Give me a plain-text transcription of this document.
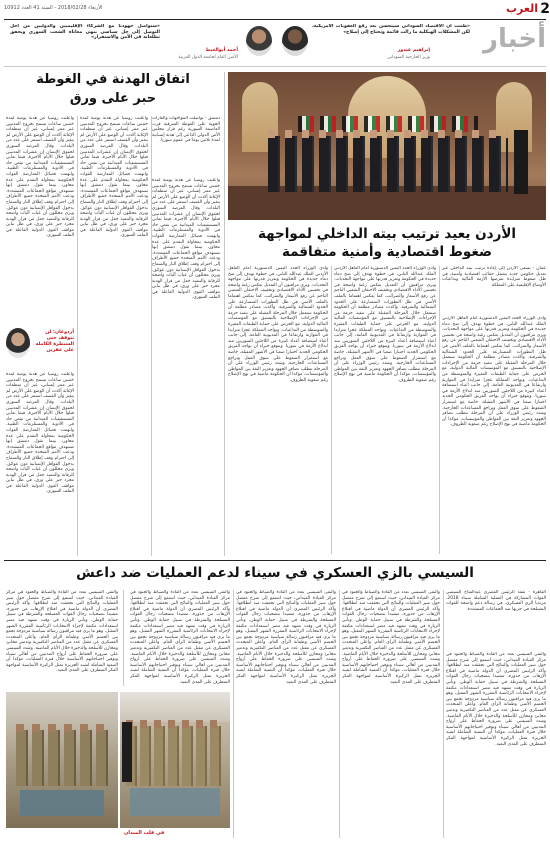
2
العرب
الأربعاء 2018/02/28 - السنة 41 العدد 10912
أخبار
«ظننت أن الاقتصاد السوداني سيتحسن بعد رفع العقوبات الأمريكية، لكن المشكلات الهيكلية ما زالت قائمة وتحتاج إلى إصلاح»
إبراهيم غندور
وزير الخارجية السوداني
«سنواصل جهودنا مع الشركاء الإقليميين والدوليين من أجل التوصل إلى حل سياسي ينهي معاناة الشعب السوري ويحقق تطلعاته في الأمن والاستقرار»
أحمد أبوالغيط
الأمين العام لجامعة الدول العربية
الأردن يعيد ترتيب بيته الداخلي لمواجهة
ضغوط اقتصادية وأمنية متفاقمة
عمان - يسعى الأردن إلى إعادة ترتيب بيته الداخلي عبر تعديل حكومي جديد يشمل حقائب اقتصادية وأمنية، في ظل ضغوط متزايدة تفرضها الأزمة المالية وتداعيات الأوضاع الإقليمية على المملكة.
وأدى الوزراء الجدد اليمين الدستورية أمام العاهل الأردني الملك عبدالله الثاني، في خطوة تهدف إلى ضخ دماء جديدة في الحكومة وتعزيز قدرتها على مواجهة التحديات. ويرى مراقبون أن التعديل يعكس رغبة واضحة في تحسين الأداء الاقتصادي وتخفيف الاحتقان الشعبي الناجم عن رفع الأسعار والضرائب، كما يعكس اهتماما بالملف الأمني في ظل التطورات المتسارعة على الحدود الشمالية والشرقية. وأكدت مصادر مطلعة أن الحكومة ستعمل خلال المرحلة المقبلة على تنفيذ حزمة من الإجراءات الإصلاحية بالتنسيق مع المؤسسات المالية الدولية، مع الحرص على حماية الطبقات الفقيرة والمتوسطة من التداعيات. وتواجه المملكة عجزا متزايدا في الموازنة وارتفاعا في المديونية العامة، إلى جانب أعباء استضافة أعداد كبيرة من اللاجئين السوريين منذ اندلاع الأزمة في سوريا. ويتوقع خبراء أن يواجه الفريق الحكومي الجديد اختبارا صعبا في الأشهر المقبلة، خاصة مع استمرار الضغوط على سوق العمل وتراجع المساعدات الخارجية. وشدد رئيس الوزراء على أن المرحلة تتطلب تضافر الجهود وتعزيز الثقة بين المواطن والمؤسسات، مؤكدا أن الحكومة ماضية في نهج الإصلاح رغم صعوبة الظروف.
وأدى الوزراء الجدد اليمين الدستورية أمام العاهل الأردني الملك عبدالله الثاني، في خطوة تهدف إلى ضخ دماء جديدة في الحكومة وتعزيز قدرتها على مواجهة التحديات. ويرى مراقبون أن التعديل يعكس رغبة واضحة في تحسين الأداء الاقتصادي وتخفيف الاحتقان الشعبي الناجم عن رفع الأسعار والضرائب، كما يعكس اهتماما بالملف الأمني في ظل التطورات المتسارعة على الحدود الشمالية والشرقية. وأكدت مصادر مطلعة أن الحكومة ستعمل خلال المرحلة المقبلة على تنفيذ حزمة من الإجراءات الإصلاحية بالتنسيق مع المؤسسات المالية الدولية، مع الحرص على حماية الطبقات الفقيرة والمتوسطة من التداعيات. وتواجه المملكة عجزا متزايدا في الموازنة وارتفاعا في المديونية العامة، إلى جانب أعباء استضافة أعداد كبيرة من اللاجئين السوريين منذ اندلاع الأزمة في سوريا. ويتوقع خبراء أن يواجه الفريق الحكومي الجديد اختبارا صعبا في الأشهر المقبلة، خاصة مع استمرار الضغوط على سوق العمل وتراجع المساعدات الخارجية. وشدد رئيس الوزراء على أن المرحلة تتطلب تضافر الجهود وتعزيز الثقة بين المواطن والمؤسسات، مؤكدا أن الحكومة ماضية في نهج الإصلاح رغم صعوبة الظروف.
وأدى الوزراء الجدد اليمين الدستورية أمام العاهل الأردني الملك عبدالله الثاني، في خطوة تهدف إلى ضخ دماء جديدة في الحكومة وتعزيز قدرتها على مواجهة التحديات. ويرى مراقبون أن التعديل يعكس رغبة واضحة في تحسين الأداء الاقتصادي وتخفيف الاحتقان الشعبي الناجم عن رفع الأسعار والضرائب، كما يعكس اهتماما بالملف الأمني في ظل التطورات المتسارعة على الحدود الشمالية والشرقية. وأكدت مصادر مطلعة أن الحكومة ستعمل خلال المرحلة المقبلة على تنفيذ حزمة من الإجراءات الإصلاحية بالتنسيق مع المؤسسات المالية الدولية، مع الحرص على حماية الطبقات الفقيرة والمتوسطة من التداعيات. وتواجه المملكة عجزا متزايدا في الموازنة وارتفاعا في المديونية العامة، إلى جانب أعباء استضافة أعداد كبيرة من اللاجئين السوريين منذ اندلاع الأزمة في سوريا. ويتوقع خبراء أن يواجه الفريق الحكومي الجديد اختبارا صعبا في الأشهر المقبلة، خاصة مع استمرار الضغوط على سوق العمل وتراجع المساعدات الخارجية. وشدد رئيس الوزراء على أن المرحلة تتطلب تضافر الجهود وتعزيز الثقة بين المواطن والمؤسسات، مؤكدا أن الحكومة ماضية في نهج الإصلاح رغم صعوبة الظروف.
اتفاق الهدنة في الغوطة
حبر على ورق
دمشق - تواصلت المواجهات والغارات الجوية على الغوطة الشرقية قرب العاصمة السورية رغم قرار مجلس الأمن الدولي الداعي إلى هدنة إنسانية لمدة ثلاثين يوما في عموم سوريا.
وأعلنت روسيا عن هدنة يومية لمدة خمس ساعات تسمح بخروج المدنيين عبر ممر إنساني، غير أن منظمات الإغاثة أكدت أن الوضع على الأرض لم يتغير وأن القصف استمر على عدد من البلدات. وقال المرصد السوري لحقوق الإنسان إن عشرات المدنيين قتلوا خلال الأيام الأخيرة، فيما تعاني المستشفيات الميدانية من نقص حاد في الأدوية والمستلزمات الطبية. واتهمت فصائل المعارضة القوات الحكومية بمحاولة التقدم على عدة محاور، بينما تقول دمشق إنها تستهدف مواقع الجماعات المتشددة. ودعت الأمم المتحدة جميع الأطراف إلى احترام وقف إطلاق النار والسماح بدخول القوافل الإنسانية دون عوائق. ويرى محللون أن غياب آليات واضحة للرقابة والتنفيذ جعل من قرار الهدنة مجرد حبر على ورق، في ظل تباين مواقف القوى الدولية الفاعلة في الملف السوري.
وأعلنت روسيا عن هدنة يومية لمدة خمس ساعات تسمح بخروج المدنيين عبر ممر إنساني، غير أن منظمات الإغاثة أكدت أن الوضع على الأرض لم يتغير وأن القصف استمر على عدد من البلدات. وقال المرصد السوري لحقوق الإنسان إن عشرات المدنيين قتلوا خلال الأيام الأخيرة، فيما تعاني المستشفيات الميدانية من نقص حاد في الأدوية والمستلزمات الطبية. واتهمت فصائل المعارضة القوات الحكومية بمحاولة التقدم على عدة محاور، بينما تقول دمشق إنها تستهدف مواقع الجماعات المتشددة. ودعت الأمم المتحدة جميع الأطراف إلى احترام وقف إطلاق النار والسماح بدخول القوافل الإنسانية دون عوائق. ويرى محللون أن غياب آليات واضحة للرقابة والتنفيذ جعل من قرار الهدنة مجرد حبر على ورق، في ظل تباين مواقف القوى الدولية الفاعلة في الملف السوري.
وأعلنت روسيا عن هدنة يومية لمدة خمس ساعات تسمح بخروج المدنيين عبر ممر إنساني، غير أن منظمات الإغاثة أكدت أن الوضع على الأرض لم يتغير وأن القصف استمر على عدد من البلدات. وقال المرصد السوري لحقوق الإنسان إن عشرات المدنيين قتلوا خلال الأيام الأخيرة، فيما تعاني المستشفيات الميدانية من نقص حاد في الأدوية والمستلزمات الطبية. واتهمت فصائل المعارضة القوات الحكومية بمحاولة التقدم على عدة محاور، بينما تقول دمشق إنها تستهدف مواقع الجماعات المتشددة. ودعت الأمم المتحدة جميع الأطراف إلى احترام وقف إطلاق النار والسماح بدخول القوافل الإنسانية دون عوائق. ويرى محللون أن غياب آليات واضحة للرقابة والتنفيذ جعل من قرار الهدنة مجرد حبر على ورق، في ظل تباين مواقف القوى الدولية الفاعلة في الملف السوري.
أردوغان: لن نتوقف حتى السيطرة الكاملة على عفرين
وأعلنت روسيا عن هدنة يومية لمدة خمس ساعات تسمح بخروج المدنيين عبر ممر إنساني، غير أن منظمات الإغاثة أكدت أن الوضع على الأرض لم يتغير وأن القصف استمر على عدد من البلدات. وقال المرصد السوري لحقوق الإنسان إن عشرات المدنيين قتلوا خلال الأيام الأخيرة، فيما تعاني المستشفيات الميدانية من نقص حاد في الأدوية والمستلزمات الطبية. واتهمت فصائل المعارضة القوات الحكومية بمحاولة التقدم على عدة محاور، بينما تقول دمشق إنها تستهدف مواقع الجماعات المتشددة. ودعت الأمم المتحدة جميع الأطراف إلى احترام وقف إطلاق النار والسماح بدخول القوافل الإنسانية دون عوائق. ويرى محللون أن غياب آليات واضحة للرقابة والتنفيذ جعل من قرار الهدنة مجرد حبر على ورق، في ظل تباين مواقف القوى الدولية الفاعلة في الملف السوري.
السيسي بالزي العسكري في سيناء لدعم العمليات ضد داعش
القاهرة - تفقد الرئيس المصري عبدالفتاح السيسي القوات المشاركة في العملية الشاملة سيناء 2018، مرتديا الزي العسكري، في رسالة دعم واضحة للقوات المسلحة في حربها ضد الجماعات المتشددة.
والتقى السيسي بعدد من القادة والضباط والجنود في مركز القيادة الميداني، حيث استمع إلى شرح مفصل حول سير العمليات والنتائج التي تحققت منذ انطلاقها. وأكد الرئيس المصري أن الدولة ماضية في اقتلاع الإرهاب من جذوره، مشيدا بتضحيات رجال القوات المسلحة والشرطة في سبيل حماية الوطن. وتأتي الزيارة في وقت تشهد فيه مصر استعدادات مكثفة لإجراء الانتخابات الرئاسية المقررة الشهر المقبل، وهو ما يرى فيه مراقبون رسالة سياسية مزدوجة تجمع بين الحسم الأمني وطمأنة الرأي العام. وأعلن المتحدث العسكري عن مقتل عدد من العناصر التكفيرية وتدمير مخابئ ومخازن للأسلحة والذخيرة خلال الأيام الماضية. وشدد السيسي على ضرورة الحفاظ على أرواح المدنيين من أهالي سيناء وتوفير احتياجاتهم الأساسية خلال فترة العمليات، مؤكدا أن التنمية الشاملة لشبه الجزيرة تمثل الركيزة الأساسية لمواجهة الفكر المتطرف على المدى البعيد.
والتقى السيسي بعدد من القادة والضباط والجنود في مركز القيادة الميداني، حيث استمع إلى شرح مفصل حول سير العمليات والنتائج التي تحققت منذ انطلاقها. وأكد الرئيس المصري أن الدولة ماضية في اقتلاع الإرهاب من جذوره، مشيدا بتضحيات رجال القوات المسلحة والشرطة في سبيل حماية الوطن. وتأتي الزيارة في وقت تشهد فيه مصر استعدادات مكثفة لإجراء الانتخابات الرئاسية المقررة الشهر المقبل، وهو ما يرى فيه مراقبون رسالة سياسية مزدوجة تجمع بين الحسم الأمني وطمأنة الرأي العام. وأعلن المتحدث العسكري عن مقتل عدد من العناصر التكفيرية وتدمير مخابئ ومخازن للأسلحة والذخيرة خلال الأيام الماضية. وشدد السيسي على ضرورة الحفاظ على أرواح المدنيين من أهالي سيناء وتوفير احتياجاتهم الأساسية خلال فترة العمليات، مؤكدا أن التنمية الشاملة لشبه الجزيرة تمثل الركيزة الأساسية لمواجهة الفكر المتطرف على المدى البعيد.
والتقى السيسي بعدد من القادة والضباط والجنود في مركز القيادة الميداني، حيث استمع إلى شرح مفصل حول سير العمليات والنتائج التي تحققت منذ انطلاقها. وأكد الرئيس المصري أن الدولة ماضية في اقتلاع الإرهاب من جذوره، مشيدا بتضحيات رجال القوات المسلحة والشرطة في سبيل حماية الوطن. وتأتي الزيارة في وقت تشهد فيه مصر استعدادات مكثفة لإجراء الانتخابات الرئاسية المقررة الشهر المقبل، وهو ما يرى فيه مراقبون رسالة سياسية مزدوجة تجمع بين الحسم الأمني وطمأنة الرأي العام. وأعلن المتحدث العسكري عن مقتل عدد من العناصر التكفيرية وتدمير مخابئ ومخازن للأسلحة والذخيرة خلال الأيام الماضية. وشدد السيسي على ضرورة الحفاظ على أرواح المدنيين من أهالي سيناء وتوفير احتياجاتهم الأساسية خلال فترة العمليات، مؤكدا أن التنمية الشاملة لشبه الجزيرة تمثل الركيزة الأساسية لمواجهة الفكر المتطرف على المدى البعيد.
والتقى السيسي بعدد من القادة والضباط والجنود في مركز القيادة الميداني، حيث استمع إلى شرح مفصل حول سير العمليات والنتائج التي تحققت منذ انطلاقها. وأكد الرئيس المصري أن الدولة ماضية في اقتلاع الإرهاب من جذوره، مشيدا بتضحيات رجال القوات المسلحة والشرطة في سبيل حماية الوطن. وتأتي الزيارة في وقت تشهد فيه مصر استعدادات مكثفة لإجراء الانتخابات الرئاسية المقررة الشهر المقبل، وهو ما يرى فيه مراقبون رسالة سياسية مزدوجة تجمع بين الحسم الأمني وطمأنة الرأي العام. وأعلن المتحدث العسكري عن مقتل عدد من العناصر التكفيرية وتدمير مخابئ ومخازن للأسلحة والذخيرة خلال الأيام الماضية. وشدد السيسي على ضرورة الحفاظ على أرواح المدنيين من أهالي سيناء وتوفير احتياجاتهم الأساسية خلال فترة العمليات، مؤكدا أن التنمية الشاملة لشبه الجزيرة تمثل الركيزة الأساسية لمواجهة الفكر المتطرف على المدى البعيد.
والتقى السيسي بعدد من القادة والضباط والجنود في مركز القيادة الميداني، حيث استمع إلى شرح مفصل حول سير العمليات والنتائج التي تحققت منذ انطلاقها. وأكد الرئيس المصري أن الدولة ماضية في اقتلاع الإرهاب من جذوره، مشيدا بتضحيات رجال القوات المسلحة والشرطة في سبيل حماية الوطن. وتأتي الزيارة في وقت تشهد فيه مصر استعدادات مكثفة لإجراء الانتخابات الرئاسية المقررة الشهر المقبل، وهو ما يرى فيه مراقبون رسالة سياسية مزدوجة تجمع بين الحسم الأمني وطمأنة الرأي العام. وأعلن المتحدث العسكري عن مقتل عدد من العناصر التكفيرية وتدمير مخابئ ومخازن للأسلحة والذخيرة خلال الأيام الماضية. وشدد السيسي على ضرورة الحفاظ على أرواح المدنيين من أهالي سيناء وتوفير احتياجاتهم الأساسية خلال فترة العمليات، مؤكدا أن التنمية الشاملة لشبه الجزيرة تمثل الركيزة الأساسية لمواجهة الفكر المتطرف على المدى البعيد.
في قلب الميدان
